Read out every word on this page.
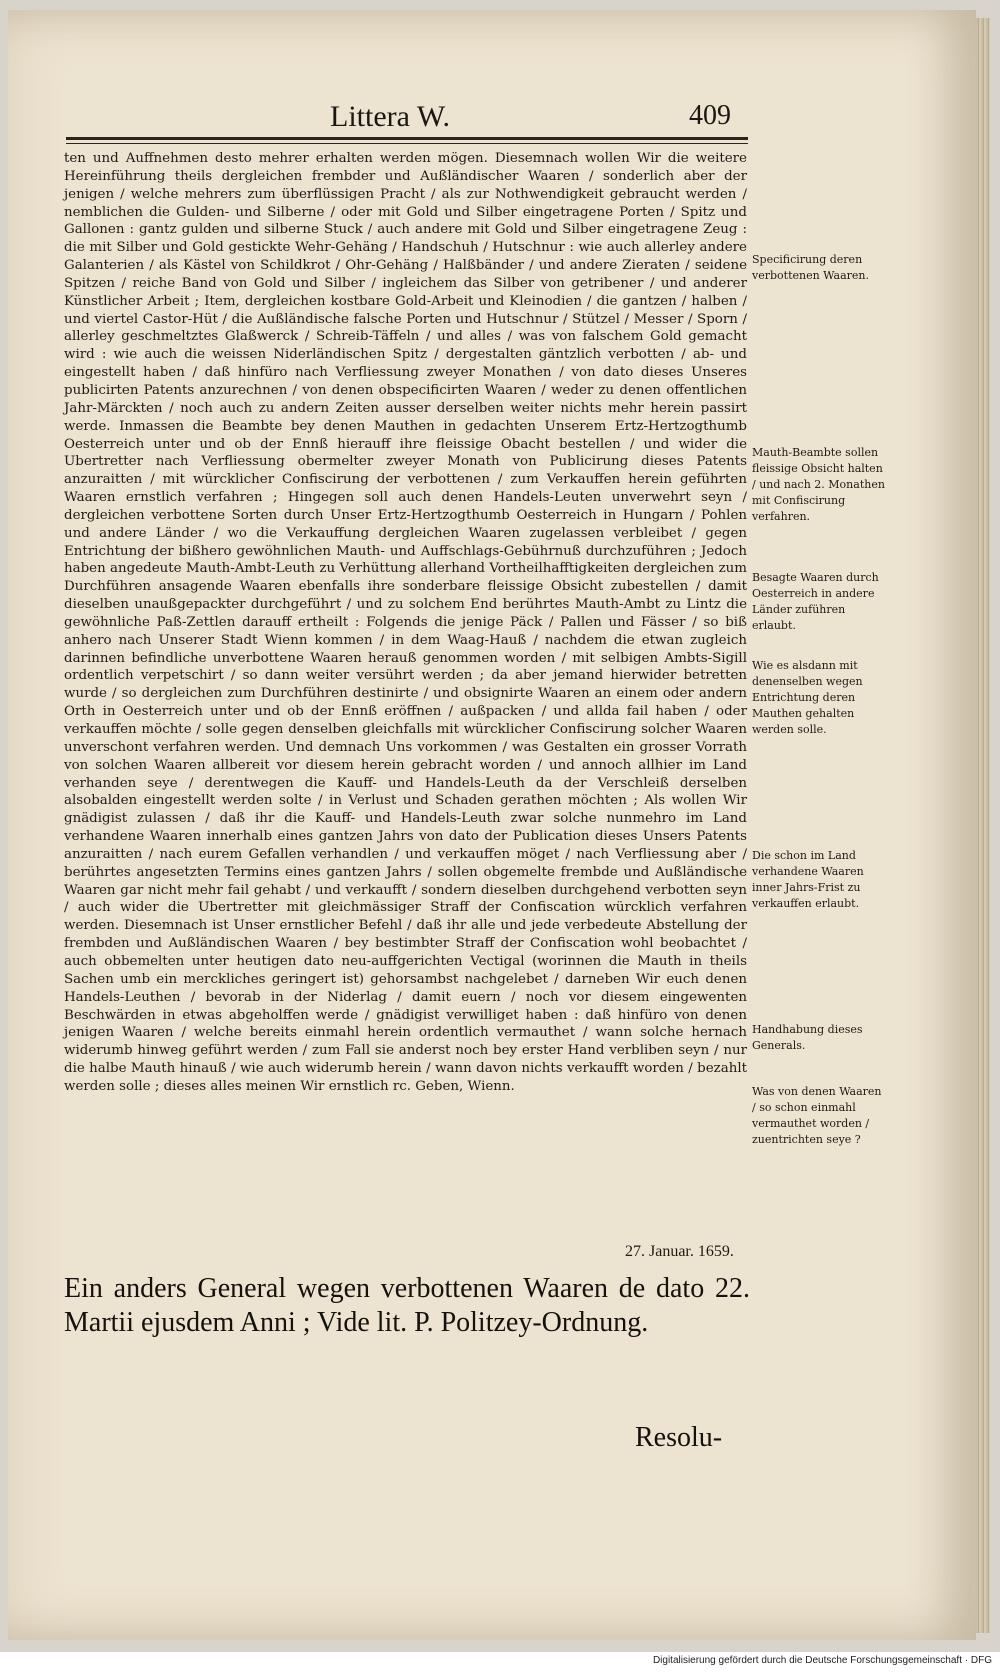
Littera W.	409

ten und Auffnehmen desto mehrer erhalten werden mögen. Diesemnach wollen Wir die weitere Hereinführung theils dergleichen frembder und Außländischer Waaren / sonderlich aber der jenigen / welche mehrers zum überflüssigen Pracht / als zur Nothwendigkeit gebraucht werden / nemblichen die Gulden- und Silberne / oder mit Gold und Silber eingetragene Porten / Spitz und Gallonen : gantz gulden und silberne Stuck / auch andere mit Gold und Silber eingetragene Zeug : die mit Silber und Gold gestickte Wehr-Gehäng / Handschuh / Hutschnur : wie auch allerley andere Galanterien / als Kästel von Schildkrot / Ohr-Gehäng / Halßbänder / und andere Zieraten / seidene Spitzen / reiche Band von Gold und Silber / ingleichem das Silber von getribener / und anderer Künstlicher Arbeit ; Item, dergleichen kostbare Gold-Arbeit und Kleinodien / die gantzen / halben / und viertel Castor-Hüt / die Außländische falsche Porten und Hutschnur / Stützel / Messer / Sporn / allerley geschmeltztes Glaßwerck / Schreib-Täffeln / und alles / was von falschem Gold gemacht wird : wie auch die weissen Niderländischen Spitz / dergestalten gäntzlich verbotten / ab- und eingestellt haben / daß hinfüro nach Verfliessung zweyer Monathen / von dato dieses Unseres publicirten Patents anzurechnen / von denen obspecificirten Waaren / weder zu denen offentlichen Jahr-Märckten / noch auch zu andern Zeiten ausser derselben weiter nichts mehr herein passirt werde. Inmassen die Beambte bey denen Mauthen in gedachten Unserem Ertz-Hertzogthumb Oesterreich unter und ob der Ennß hierauff ihre fleissige Obacht bestellen / und wider die Ubertretter nach Verfliessung obermelter zweyer Monath von Publicirung dieses Patents anzuraitten / mit würcklicher Confiscirung der verbottenen / zum Verkauffen herein geführten Waaren ernstlich verfahren ; Hingegen soll auch denen Handels-Leuten unverwehrt seyn / dergleichen verbottene Sorten durch Unser Ertz-Hertzogthumb Oesterreich in Hungarn / Pohlen und andere Länder / wo die Verkauffung dergleichen Waaren zugelassen verbleibet / gegen Entrichtung der bißhero gewöhnlichen Mauth- und Auffschlags-Gebührnuß durchzuführen ; Jedoch haben angedeute Mauth-Ambt-Leuth zu Verhüttung allerhand Vortheilhafftigkeiten dergleichen zum Durchführen ansagende Waaren ebenfalls ihre sonderbare fleissige Obsicht zubestellen / damit dieselben unaußgepackter durchgeführt / und zu solchem End berührtes Mauth-Ambt zu Lintz die gewöhnliche Paß-Zettlen darauff ertheilt : Folgends die jenige Päck / Pallen und Fässer / so biß anhero nach Unserer Stadt Wienn kommen / in dem Waag-Hauß / nachdem die etwan zugleich darinnen befindliche unverbottene Waaren herauß genommen worden / mit selbigen Ambts-Sigill ordentlich verpetschirt / so dann weiter versührt werden ; da aber jemand hierwider betretten wurde / so dergleichen zum Durchführen destinirte / und obsignirte Waaren an einem oder andern Orth in Oesterreich unter und ob der Ennß eröffnen / außpacken / und allda fail haben / oder verkauffen möchte / solle gegen denselben gleichfalls mit würcklicher Confiscirung solcher Waaren unverschont verfahren werden. Und demnach Uns vorkommen / was Gestalten ein grosser Vorrath von solchen Waaren allbereit vor diesem herein gebracht worden / und annoch allhier im Land verhanden seye / derentwegen die Kauff- und Handels-Leuth da der Verschleiß derselben alsobalden eingestellt werden solte / in Verlust und Schaden gerathen möchten ; Als wollen Wir gnädigist zulassen / daß ihr die Kauff- und Handels-Leuth zwar solche nunmehro im Land verhandene Waaren innerhalb eines gantzen Jahrs von dato der Publication dieses Unsers Patents anzuraitten / nach eurem Gefallen verhandlen / und verkauffen möget / nach Verfliessung aber / berührtes angesetzten Termins eines gantzen Jahrs / sollen obgemelte frembde und Außländische Waaren gar nicht mehr fail gehabt / und verkaufft / sondern dieselben durchgehend verbotten seyn / auch wider die Ubertretter mit gleichmässiger Straff der Confiscation würcklich verfahren werden. Diesemnach ist Unser ernstlicher Befehl / daß ihr alle und jede verbedeute Abstellung der frembden und Außländischen Waaren / bey bestimbter Straff der Confiscation wohl beobachtet / auch obbemelten unter heutigen dato neu-auffgerichten Vectigal (worinnen die Mauth in theils Sachen umb ein merckliches geringert ist) gehorsambst nachgelebet / darneben Wir euch denen Handels-Leuthen / bevorab in der Niderlag / damit euern / noch vor diesem eingewenten Beschwärden in etwas abgeholffen werde / gnädigist verwilliget haben : daß hinfüro von denen jenigen Waaren / welche bereits einmahl herein ordentlich vermauthet / wann solche hernach widerumb hinweg geführt werden / zum Fall sie anderst noch bey erster Hand verbliben seyn / nur die halbe Mauth hinauß / wie auch widerumb herein / wann davon nichts verkaufft worden / bezahlt werden solle ; dieses alles meinen Wir ernstlich rc. Geben, Wienn.

27. Januar. 1659.
Ein anders General wegen verbottenen Waaren de dato 22. Martii ejusdem Anni ; Vide lit. P. Politzey-Ordnung.
Resolu-
Specificirung deren verbottenen Waaren.
Mauth-Beambte sollen fleissige Obsicht halten / und nach 2. Monathen mit Confiscirung verfahren.
Besagte Waaren durch Oesterreich in andere Länder zuführen erlaubt.
Wie es alsdann mit denenselben wegen Entrichtung deren Mauthen gehalten werden solle.
Die schon im Land verhandene Waaren inner Jahrs-Frist zu verkauffen erlaubt.
Handhabung dieses Generals.
Was von denen Waaren / so schon einmahl vermauthet worden / zuentrichten seye ?
Digitalisierung gefördert durch die Deutsche Forschungsgemeinschaft · DFG
